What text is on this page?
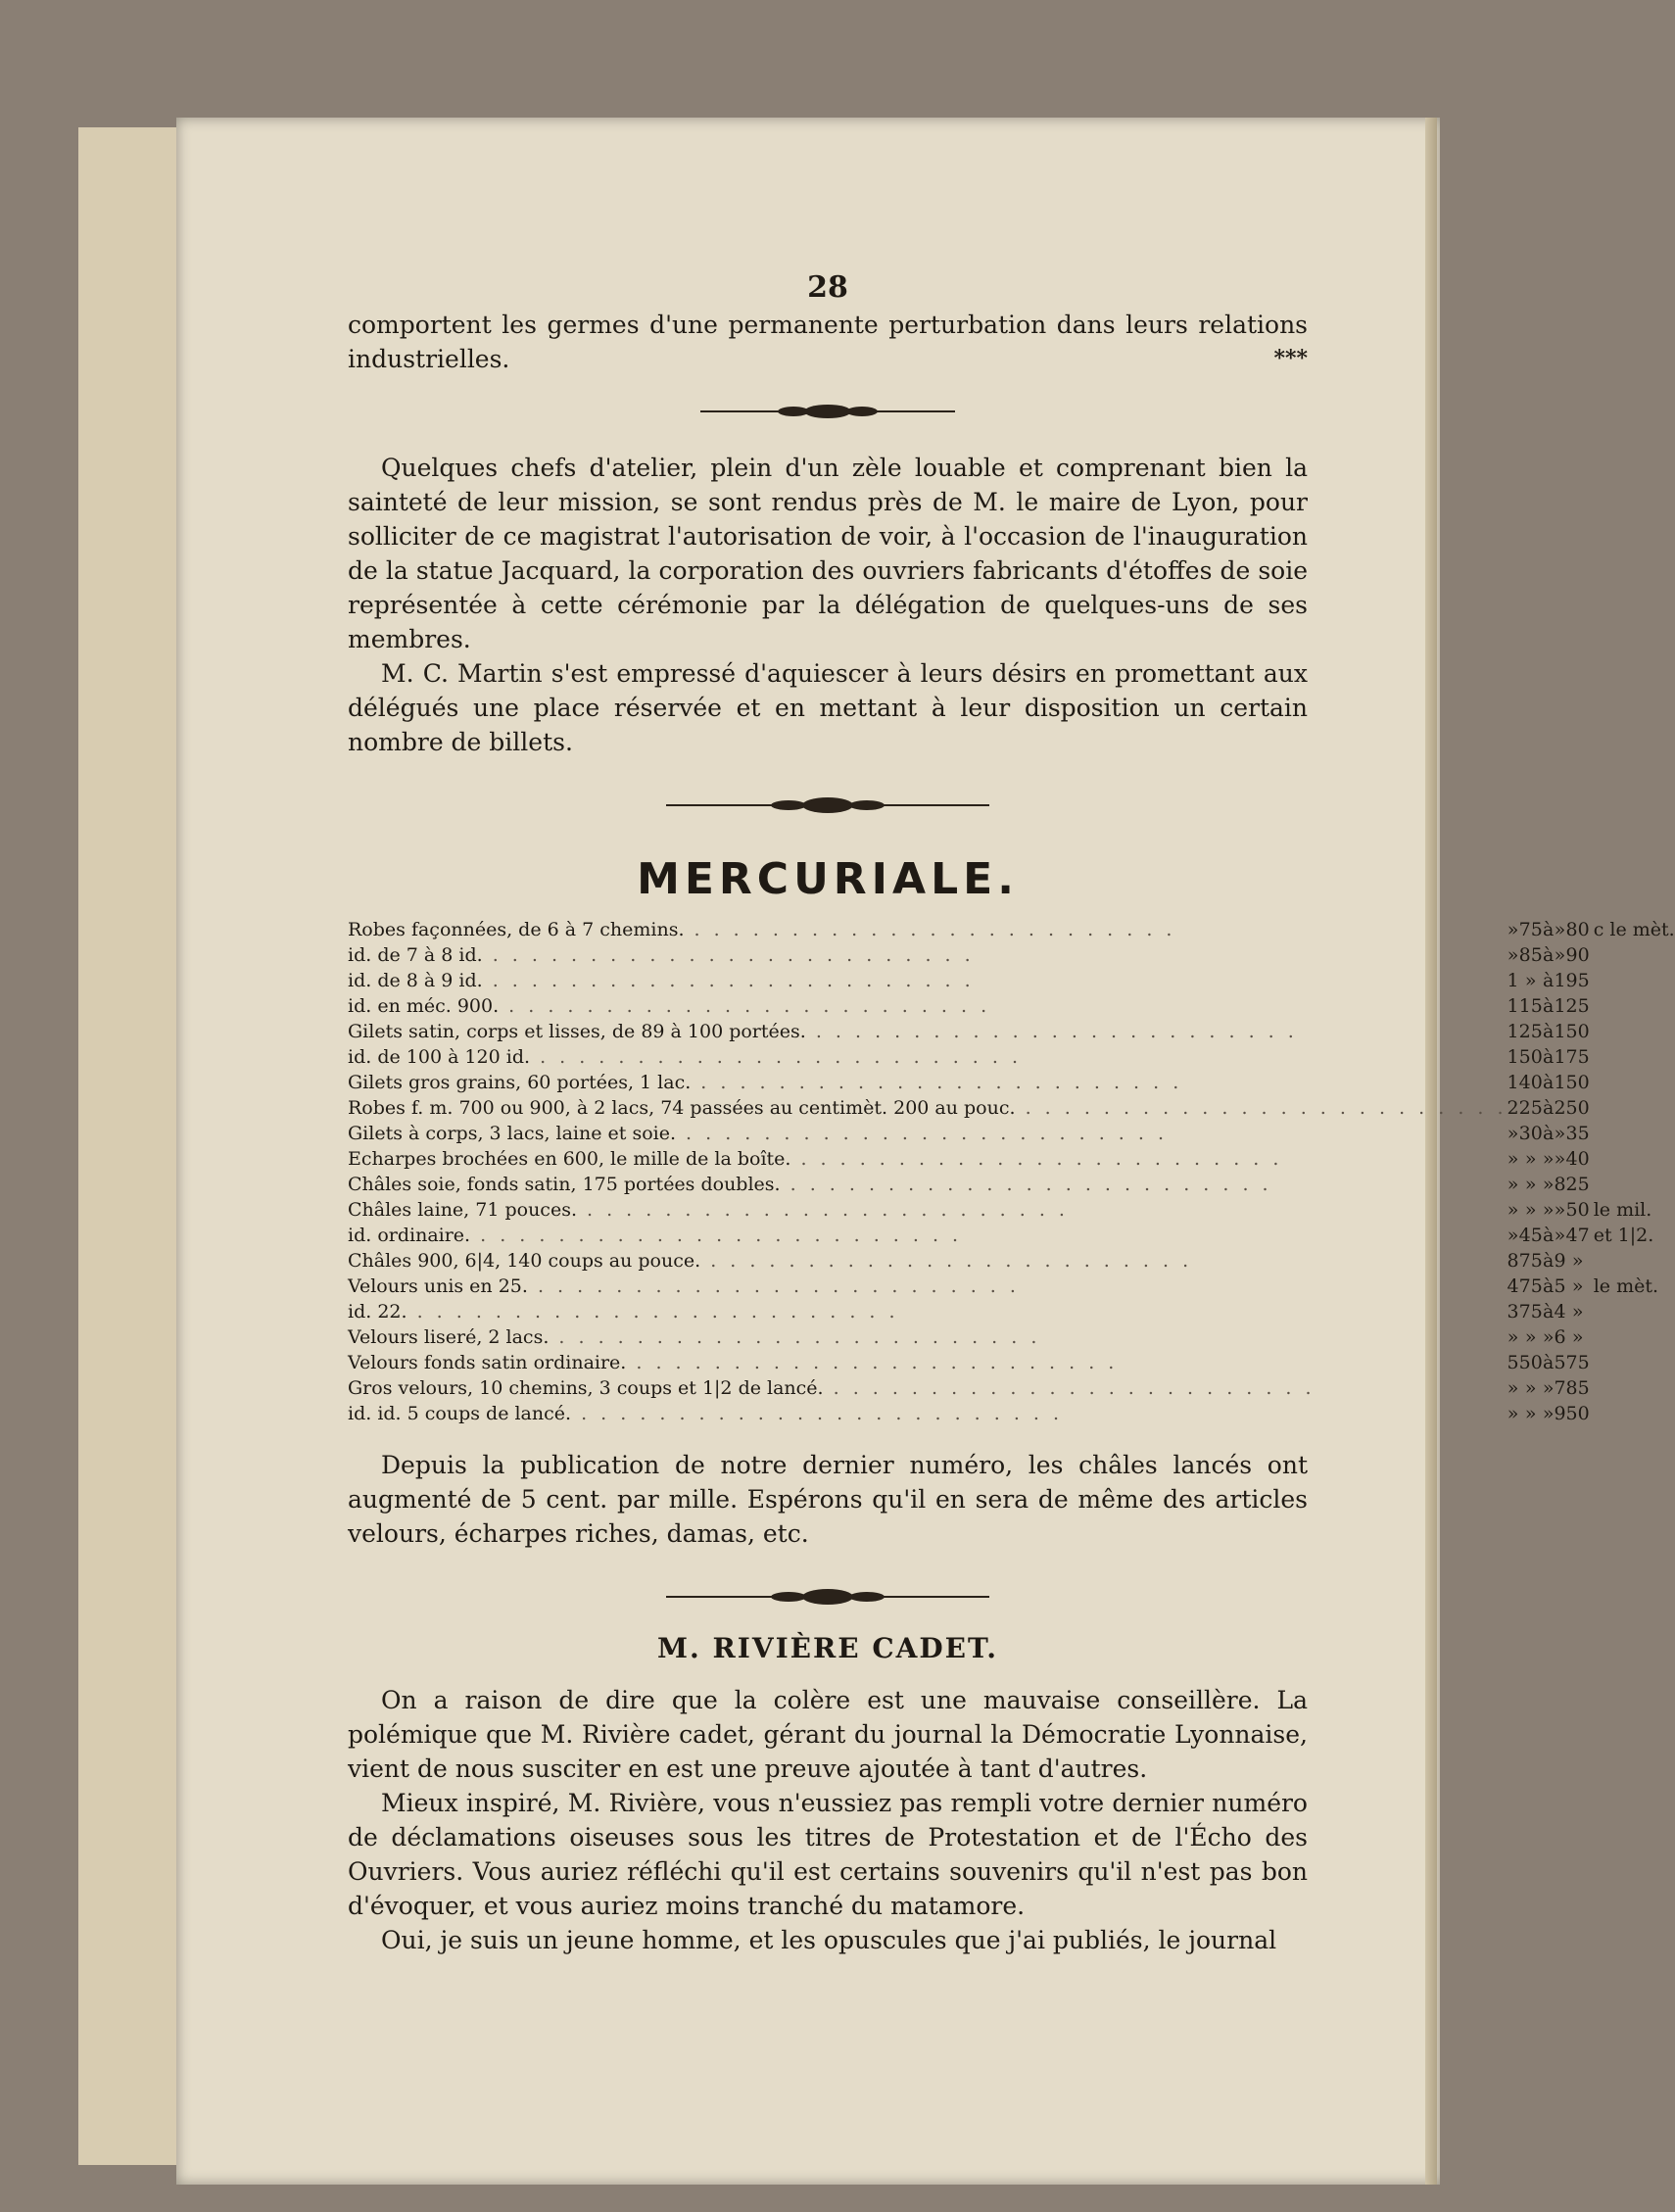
28

comportent les germes d'une permanente perturbation dans leurs relations industrielles.	***

Quelques chefs d'atelier, plein d'un zèle louable et comprenant bien la sainteté de leur mission, se sont rendus près de M. le maire de Lyon, pour solliciter de ce magistrat l'autorisation de voir, à l'occasion de l'inauguration de la statue Jacquard, la corporation des ouvriers fabricants d'étoffes de soie représentée à cette cérémonie par la délégation de quelques-uns de ses membres.

M. C. Martin s'est empressé d'aquiescer à leurs désirs en promettant aux délégués une place réservée et en mettant à leur disposition un certain nombre de billets.

MERCURIALE.
Robes façonnées, de 6 à 7 chemins. . . . . . . . . . . . . . . . . . . . . . . . . .	»	75	à	»	80	c le mèt.
id. de 7 à 8 id. . . . . . . . . . . . . . . . . . . . . . . . . .	»	85	à	»	90	
id. de 8 à 9 id. . . . . . . . . . . . . . . . . . . . . . . . . .	1	»	à	1	95	
id. en méc. 900. . . . . . . . . . . . . . . . . . . . . . . . . .	1	15	à	1	25	
Gilets satin, corps et lisses, de 89 à 100 portées. . . . . . . . . . . . . . . . . . . . . . . . . .	1	25	à	1	50	
id. de 100 à 120 id. . . . . . . . . . . . . . . . . . . . . . . . . .	1	50	à	1	75	
Gilets gros grains, 60 portées, 1 lac. . . . . . . . . . . . . . . . . . . . . . . . . .	1	40	à	1	50	
Robes f. m. 700 ou 900, à 2 lacs, 74 passées au centimèt. 200 au pouc. . . . . . . . . . . . . . . . . . . . . . . . . .	2	25	à	2	50	
Gilets à corps, 3 lacs, laine et soie. . . . . . . . . . . . . . . . . . . . . . . . . .	»	30	à	»	35	
Echarpes brochées en 600, le mille de la boîte. . . . . . . . . . . . . . . . . . . . . . . . . .	»	»	»	»	40	
Châles soie, fonds satin, 175 portées doubles. . . . . . . . . . . . . . . . . . . . . . . . . .	»	»	»	8	25	
Châles laine, 71 pouces. . . . . . . . . . . . . . . . . . . . . . . . . .	»	»	»	»	50	le mil.
id. ordinaire. . . . . . . . . . . . . . . . . . . . . . . . . .	»	45	à	»	47	et 1|2.
Châles 900, 6|4, 140 coups au pouce. . . . . . . . . . . . . . . . . . . . . . . . . .	8	75	à	9	»	
Velours unis en 25. . . . . . . . . . . . . . . . . . . . . . . . . .	4	75	à	5	»	le mèt.
id. 22. . . . . . . . . . . . . . . . . . . . . . . . . .	3	75	à	4	»	
Velours liseré, 2 lacs. . . . . . . . . . . . . . . . . . . . . . . . . .	»	»	»	6	»	
Velours fonds satin ordinaire. . . . . . . . . . . . . . . . . . . . . . . . . .	5	50	à	5	75	
Gros velours, 10 chemins, 3 coups et 1|2 de lancé. . . . . . . . . . . . . . . . . . . . . . . . . .	»	»	»	7	85	
id. id. 5 coups de lancé. . . . . . . . . . . . . . . . . . . . . . . . . .	»	»	»	9	50	

Depuis la publication de notre dernier numéro, les châles lancés ont augmenté de 5 cent. par mille. Espérons qu'il en sera de même des articles velours, écharpes riches, damas, etc.

M. RIVIÈRE CADET.

On a raison de dire que la colère est une mauvaise conseillère. La polémique que M. Rivière cadet, gérant du journal la Démocratie Lyonnaise, vient de nous susciter en est une preuve ajoutée à tant d'autres.

Mieux inspiré, M. Rivière, vous n'eussiez pas rempli votre dernier numéro de déclamations oiseuses sous les titres de Protestation et de l'Écho des Ouvriers. Vous auriez réfléchi qu'il est certains souvenirs qu'il n'est pas bon d'évoquer, et vous auriez moins tranché du matamore.

Oui, je suis un jeune homme, et les opuscules que j'ai publiés, le journal
